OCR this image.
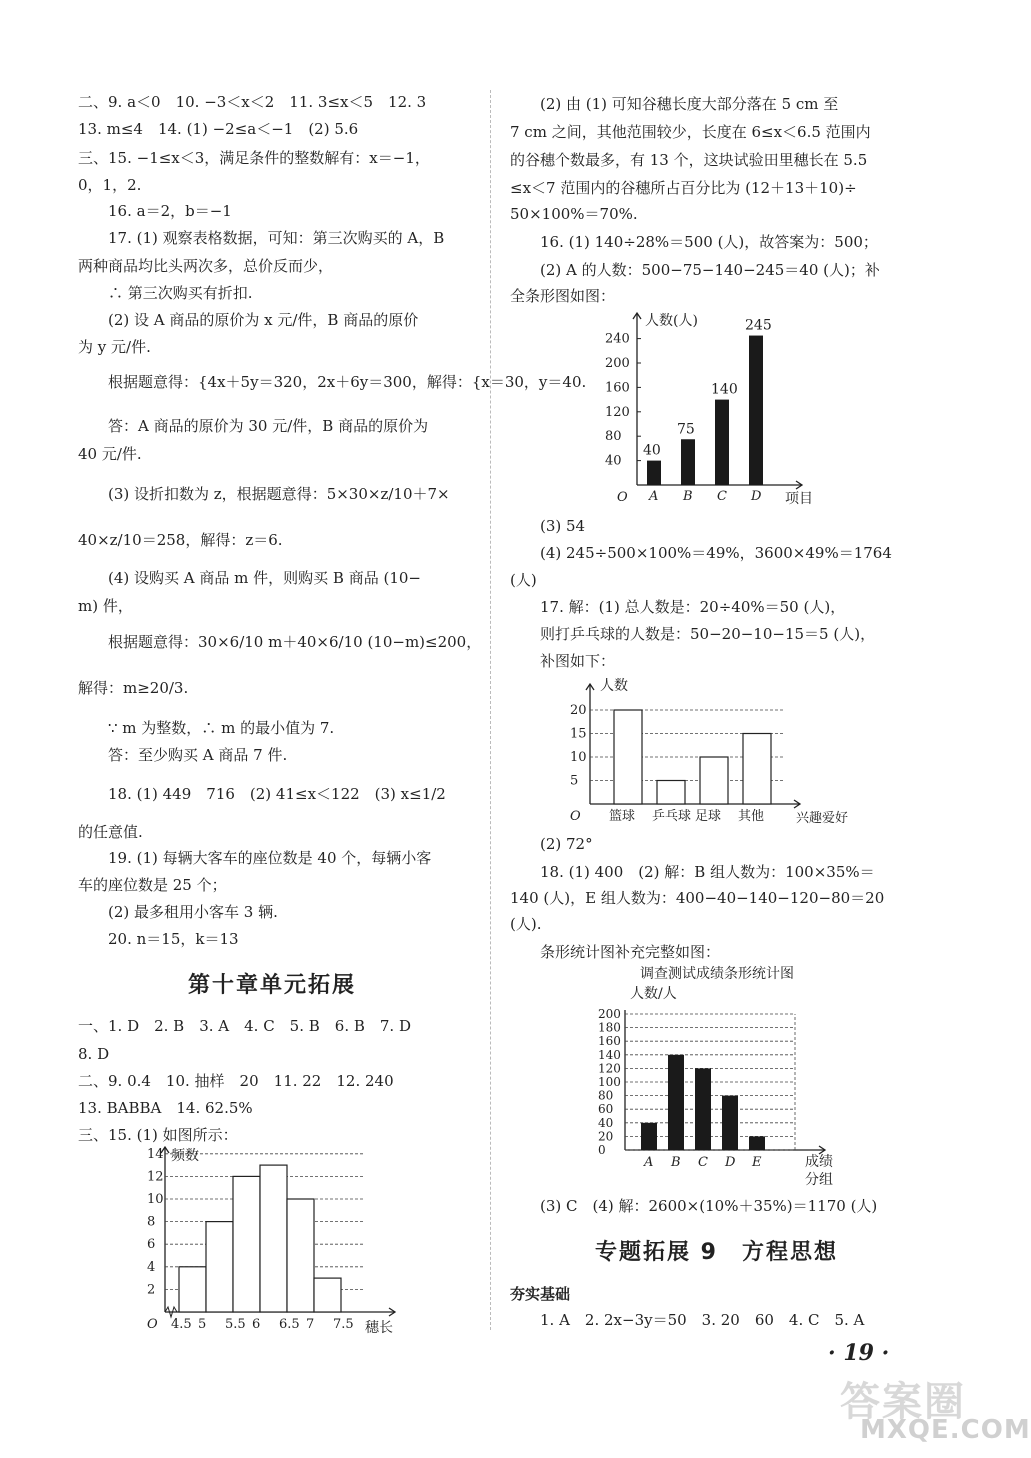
二、9. a＜0　10. −3＜x＜2　11. 3≤x＜5　12. 3
13. m≤4　14. (1) −2≤a＜−1　(2) 5.6
三、15. −1≤x＜3，满足条件的整数解有：x＝−1，
0，1，2.
16. a＝2，b＝−1
17. (1) 观察表格数据，可知：第三次购买的 A，B
两种商品均比头两次多，总价反而少，
∴ 第三次购买有折扣.
(2) 设 A 商品的原价为 x 元/件，B 商品的原价
为 y 元/件.
根据题意得：{4x＋5y＝320，2x＋6y＝300，解得：{x＝30，y＝40.
答：A 商品的原价为 30 元/件，B 商品的原价为
40 元/件.
(3) 设折扣数为 z，根据题意得：5×30×z/10＋7×
40×z/10＝258，解得：z＝6.
(4) 设购买 A 商品 m 件，则购买 B 商品 (10−
m) 件，
根据题意得：30×6/10 m＋40×6/10 (10−m)≤200，
解得：m≥20/3.
∵ m 为整数，∴ m 的最小值为 7.
答：至少购买 A 商品 7 件.
18. (1) 449　716　(2) 41≤x＜122　(3) x≤1/2
的任意值.
19. (1) 每辆大客车的座位数是 40 个，每辆小客
车的座位数是 25 个；
(2) 最多租用小客车 3 辆.
20. n＝15，k＝13
第十章单元拓展
一、1. D　2. B　3. A　4. C　5. B　6. B　7. D
8. D
二、9. 0.4　10. 抽样　20　11. 22　12. 240
13. BABBA　14. 62.5%
三、15. (1) 如图所示：
2
4
6
8
10
12
14
4.5 5 5.5 6 6.5 7 7.5
频数
穗长
O
(2) 由 (1) 可知谷穗长度大部分落在 5 cm 至
7 cm 之间，其他范围较少，长度在 6≤x＜6.5 范围内
的谷穗个数最多，有 13 个，这块试验田里穗长在 5.5
≤x＜7 范围内的谷穗所占百分比为 (12＋13＋10)÷
50×100%＝70%.
16. (1) 140÷28%＝500 (人)，故答案为：500；
(2) A 的人数：500−75−140−245＝40 (人)；补
全条形图如图：
40
80
120
160
200
240
40
A
75
B
140
C
245
D
人数(人)
项目
O
(3) 54
(4) 245÷500×100%＝49%，3600×49%＝1764
(人)
17. 解：(1) 总人数是：20÷40%＝50 (人)，
则打乒乓球的人数是：50−20−10−15＝5 (人)，
补图如下：
5
10
15
20
篮球 乒乓球 足球 其他
人数
兴趣爱好
O
(2) 72°
18. (1) 400　(2) 解：B 组人数为：100×35%＝
140 (人)，E 组人数为：400−40−140−120−80＝20
(人).
条形统计图补充完整如图：
调查测试成绩条形统计图
人数/人
0
20
40
60
80
100
120
140
160
180
200
A B C D E	成绩
分组
(3) C　(4) 解：2600×(10%＋35%)＝1170 (人)
专题拓展 9　方程思想
夯实基础
1. A　2. 2x−3y＝50　3. 20　60　4. C　5. A
· 19 ·
答案圈
MXQE.COM
